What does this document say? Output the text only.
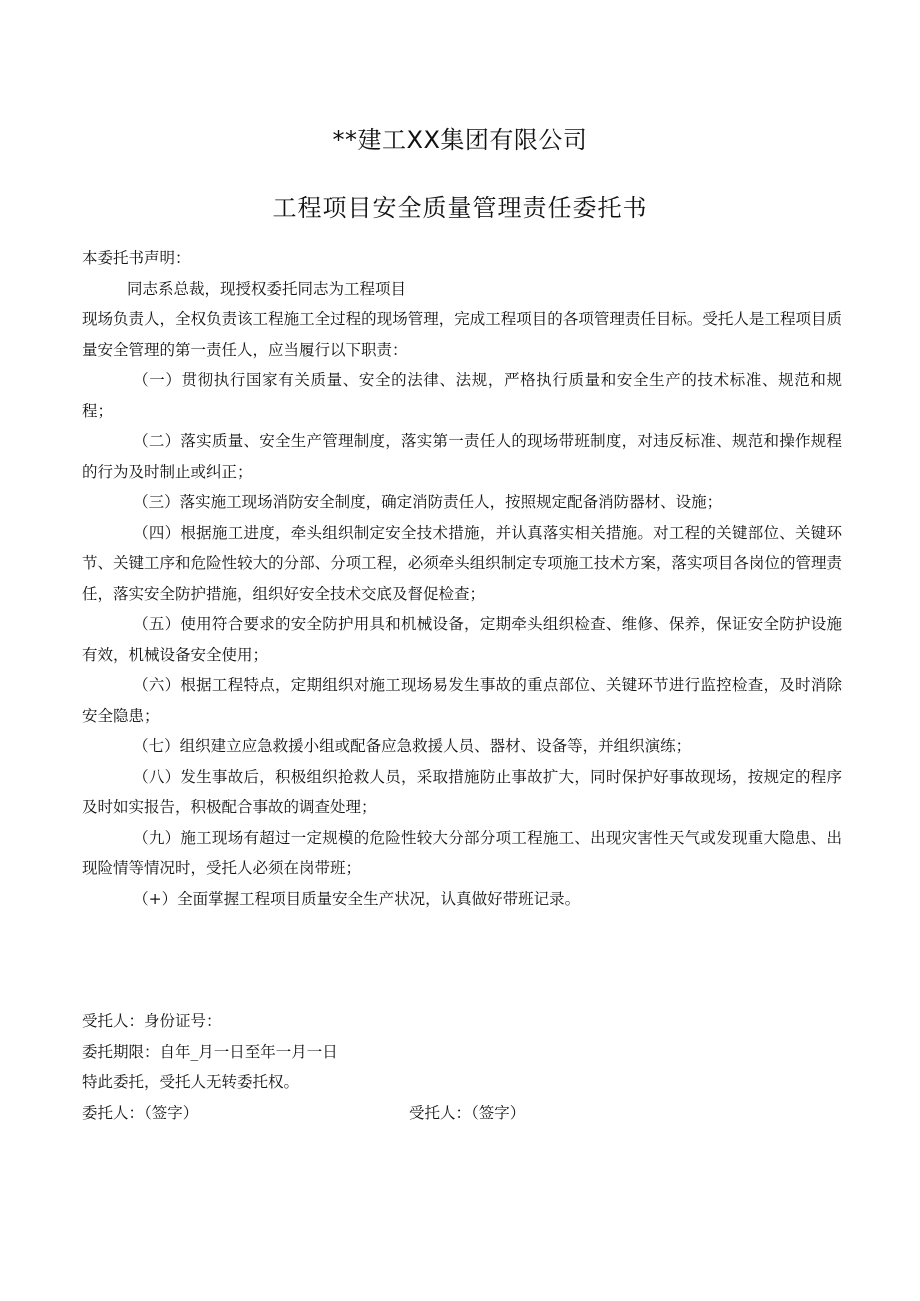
**建工XX集团有限公司
工程项目安全质量管理责任委托书

本委托书声明：

同志系总裁，现授权委托同志为工程项目

现场负责人，全权负责该工程施工全过程的现场管理，完成工程项目的各项管理责任目标。受托人是工程项目质量安全管理的第一责任人，应当履行以下职责：

（一）贯彻执行国家有关质量、安全的法律、法规，严格执行质量和安全生产的技术标准、规范和规程；

（二）落实质量、安全生产管理制度，落实第一责任人的现场带班制度，对违反标准、规范和操作规程的行为及时制止或纠正；

（三）落实施工现场消防安全制度，确定消防责任人，按照规定配备消防器材、设施；

（四）根据施工进度，牵头组织制定安全技术措施，并认真落实相关措施。对工程的关键部位、关键环节、关键工序和危险性较大的分部、分项工程，必须牵头组织制定专项施工技术方案，落实项目各岗位的管理责任，落实安全防护措施，组织好安全技术交底及督促检查；

（五）使用符合要求的安全防护用具和机械设备，定期牵头组织检查、维修、保养，保证安全防护设施有效，机械设备安全使用；

（六）根据工程特点，定期组织对施工现场易发生事故的重点部位、关键环节进行监控检查，及时消除安全隐患；

（七）组织建立应急救援小组或配备应急救援人员、器材、设备等，并组织演练；

（八）发生事故后，积极组织抢救人员，采取措施防止事故扩大，同时保护好事故现场，按规定的程序及时如实报告，积极配合事故的调查处理；

（九）施工现场有超过一定规模的危险性较大分部分项工程施工、出现灾害性天气或发现重大隐患、出现险情等情况时，受托人必须在岗带班；

（+）全面掌握工程项目质量安全生产状况，认真做好带班记录。

受托人：身份证号：

委托期限：自年_月一日至年一月一日

特此委托，受托人无转委托权。

委托人：（签字）	受托人：（签字）
